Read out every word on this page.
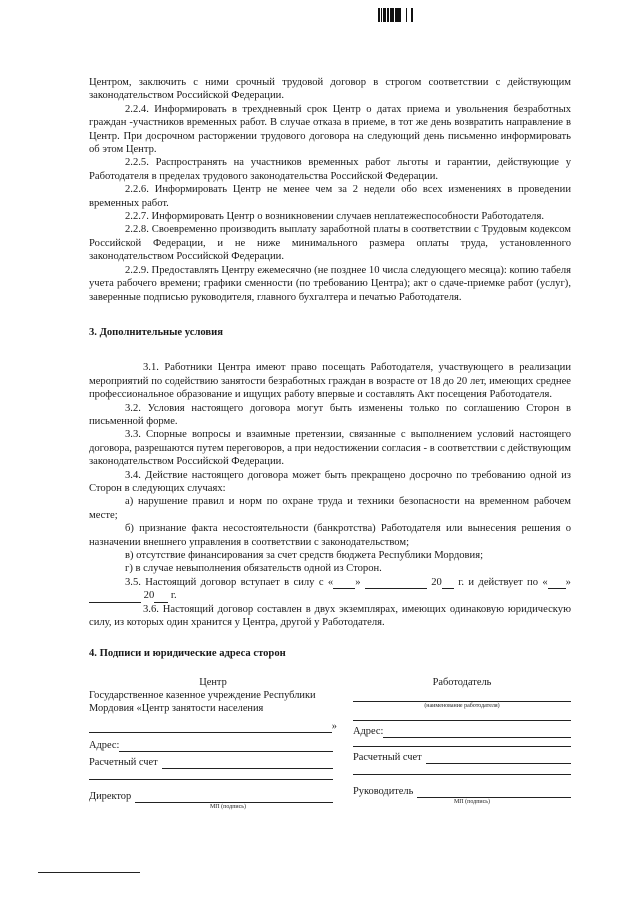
Центром, заключить с ними срочный трудовой договор в строгом соответствии с действующим законодательством Российской Федерации.

2.2.4. Информировать в трехдневный срок Центр о датах приема и увольнения безработных граждан -участников временных работ. В случае отказа в приеме, в тот же день возвратить направление в Центр. При досрочном расторжении трудового договора на следующий день письменно информировать об этом Центр.

2.2.5. Распространять на участников временных работ льготы и гарантии, действующие у Работодателя в пределах трудового законодательства Российской Федерации.

2.2.6. Информировать Центр не менее чем за 2 недели обо всех изменениях в проведении временных работ.

2.2.7. Информировать Центр о возникновении случаев неплатежеспособности Работодателя.

2.2.8. Своевременно производить выплату заработной платы в соответствии с Трудовым кодексом Российской Федерации, и не ниже минимального размера оплаты труда, установленного законодательством Российской Федерации.

2.2.9. Предоставлять Центру ежемесячно (не позднее 10 числа следующего месяца): копию табеля учета рабочего времени; графики сменности (по требованию Центра); акт о сдаче-приемке работ (услуг), заверенные подписью руководителя, главного бухгалтера и печатью Работодателя.

3. Дополнительные условия

3.1. Работники Центра имеют право посещать Работодателя, участвующего в реализации мероприятий по содействию занятости безработных граждан в возрасте от 18 до 20 лет, имеющих среднее профессиональное образование и ищущих работу впервые и составлять Акт посещения Работодателя.

3.2. Условия настоящего договора могут быть изменены только по соглашению Сторон в письменной форме.

3.3. Спорные вопросы и взаимные претензии, связанные с выполнением условий настоящего договора, разрешаются путем переговоров, а при недостижении согласия - в соответствии с действующим законодательством Российской Федерации.

3.4. Действие настоящего договора может быть прекращено досрочно по требованию одной из Сторон в следующих случаях:

а) нарушение правил и норм по охране труда и техники безопасности на временном рабочем месте;

б) признание факта несостоятельности (банкротства) Работодателя или вынесения решения о назначении внешнего управления в соответствии с законодательством;

в) отсутствие финансирования за счет средств бюджета Республики Мордовия;

г) в случае невыполнения обязательств одной из Сторон.

3.5. Настоящий договор вступает в силу с « »	20 г. и действует по « »  20 г.

3.6. Настоящий договор составлен в двух экземплярах, имеющих одинаковую юридическую силу, из которых один хранится у Центра, другой у Работодателя.

4. Подписи и юридические адреса сторон

Центр
Государственное казенное учреждение Республики Мордовия «Центр занятости населения
»
Адрес:
Расчетный счет
Директор
МП (подпись)
Работодатель
(наименование работодателя)
Адрес:
Расчетный счет
Руководитель
МП (подпись)
